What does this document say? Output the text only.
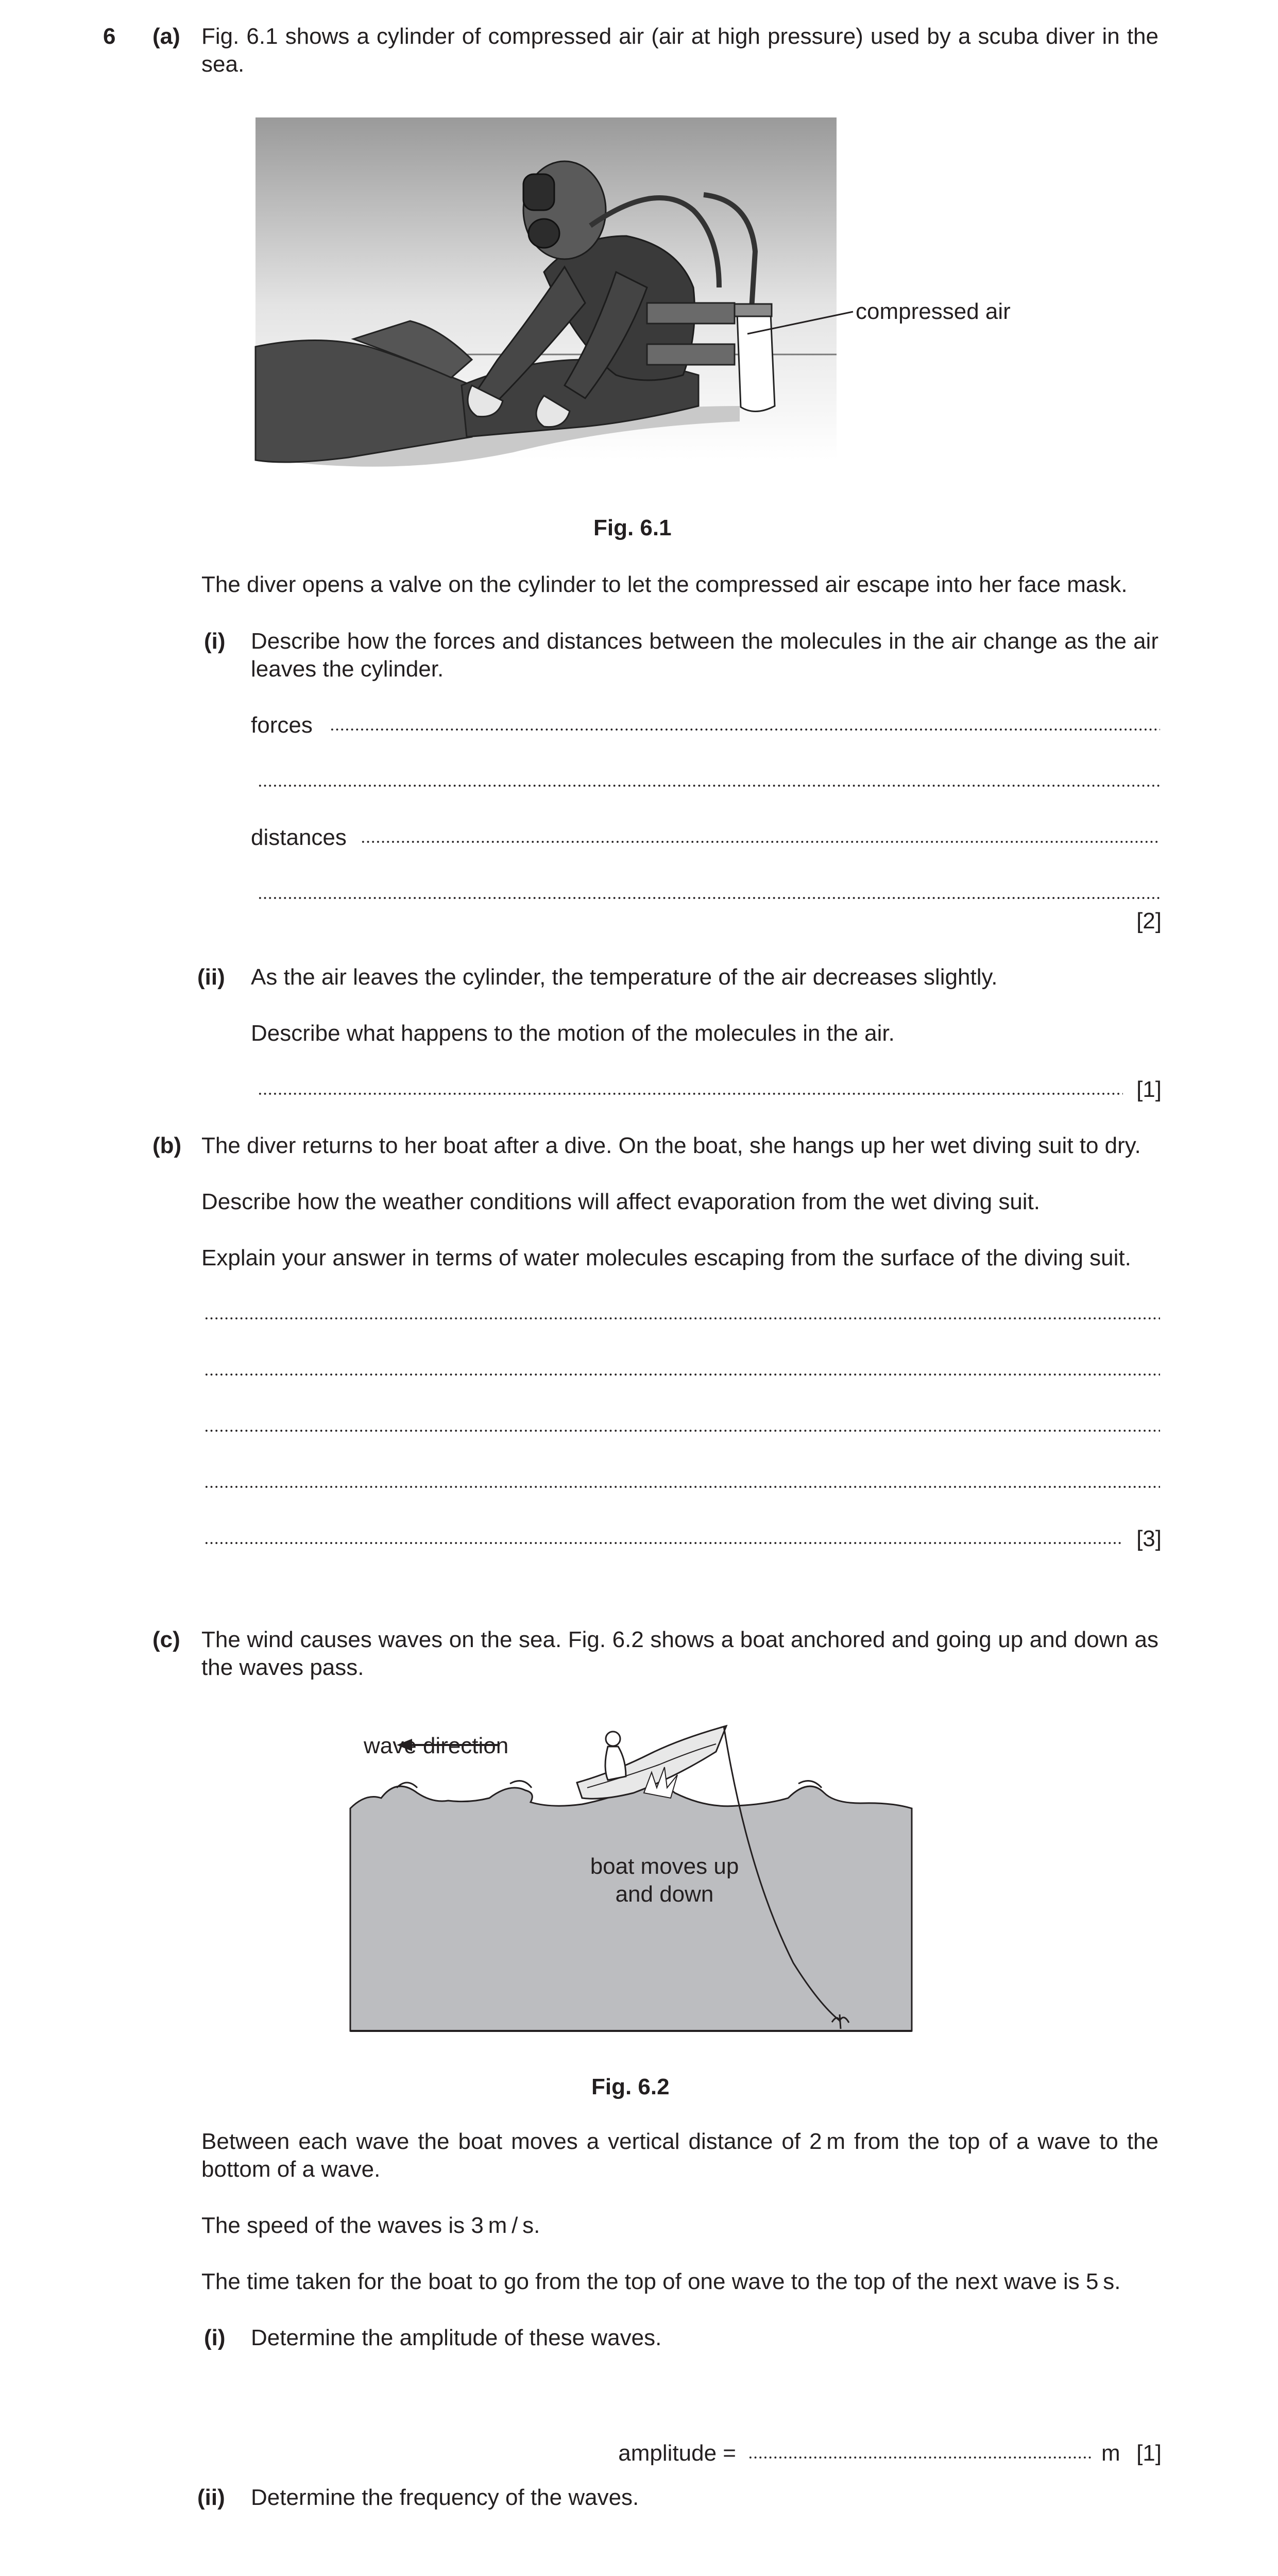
6 (a) Fig. 6.1 shows a cylinder of compressed air (air at high pressure) used by a scuba diver in the sea.
compressed air
Fig. 6.1
The diver opens a valve on the cylinder to let the compressed air escape into her face mask.
(i) Describe how the forces and distances between the molecules in the air change as the air leaves the cylinder.
forces
distances
[2]
(ii) As the air leaves the cylinder, the temperature of the air decreases slightly.
Describe what happens to the motion of the molecules in the air.
[1]
(b) The diver returns to her boat after a dive. On the boat, she hangs up her wet diving suit to dry.
Describe how the weather conditions will affect evaporation from the wet diving suit.
Explain your answer in terms of water molecules escaping from the surface of the diving suit.
[3]
(c) The wind causes waves on the sea. Fig. 6.2 shows a boat anchored and going up and down as the waves pass.
wave direction
boat moves up
and down
Fig. 6.2
Between each wave the boat moves a vertical distance of 2 m from the top of a wave to the bottom of a wave.
The speed of the waves is 3 m / s.
The time taken for the boat to go from the top of one wave to the top of the next wave is 5 s.
(i) Determine the amplitude of these waves.
amplitude =	m [1]
(ii) Determine the frequency of the waves.
